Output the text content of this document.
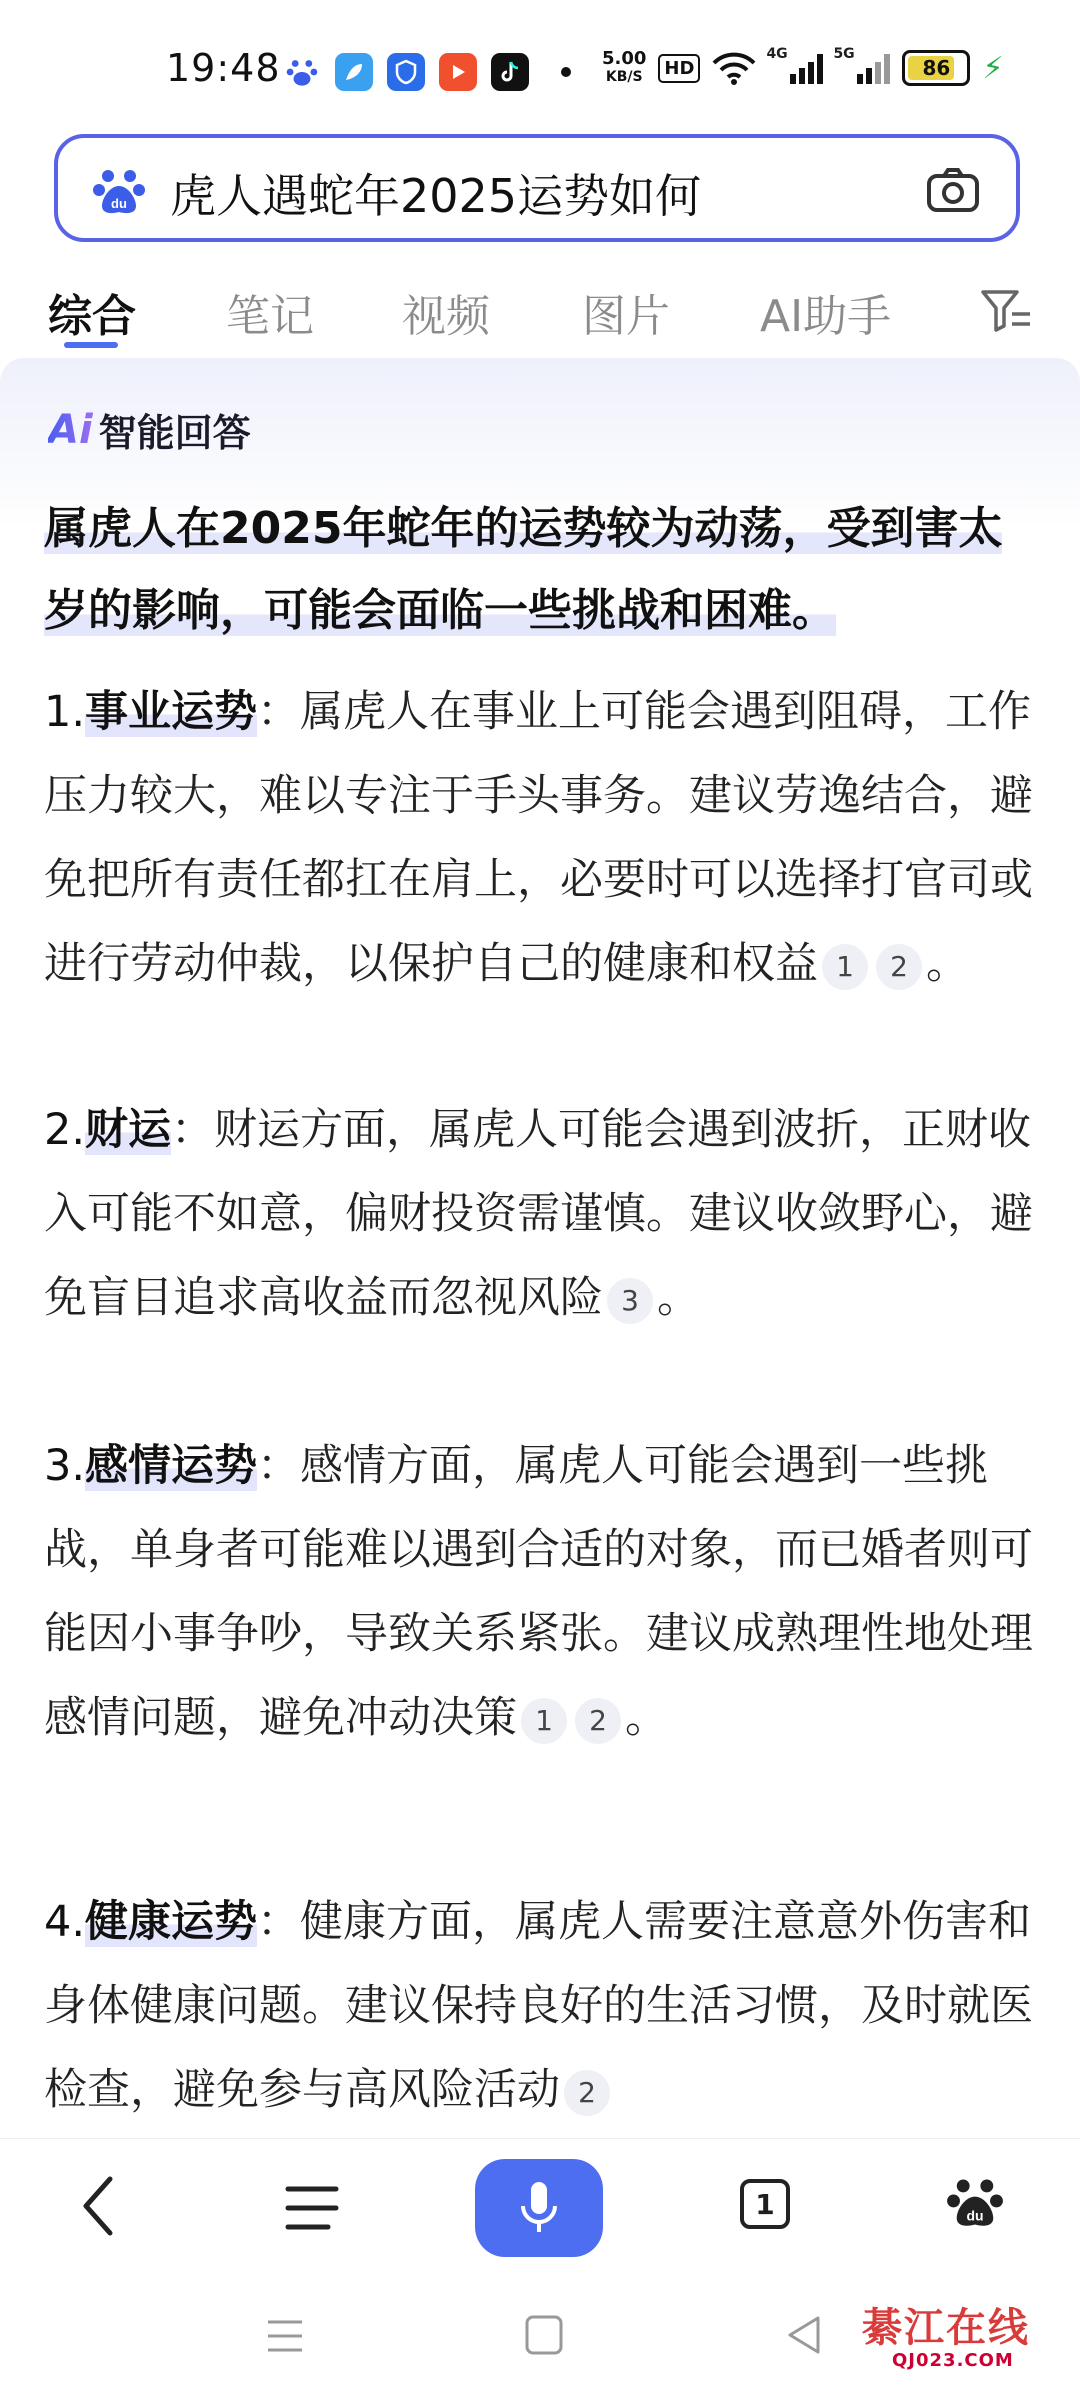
19:48	5.00
KB/S	HD
4G	5G
86 ⚡
du 虎人遇蛇年2025运势如何
综合 笔记 视频 图片 AI助手
Ai 智能回答
属虎人在2025年蛇年的运势较为动荡，受到害太岁的影响，可能会面临一些挑战和困难。
1.事业运势：属虎人在事业上可能会遇到阻碍，工作压力较大，难以专注于手头事务。建议劳逸结合，避免把所有责任都扛在肩上，必要时可以选择打官司或进行劳动仲裁，以保护自己的健康和权益 1 2 。
2.财运：财运方面，属虎人可能会遇到波折，正财收入可能不如意，偏财投资需谨慎。建议收敛野心，避免盲目追求高收益而忽视风险 3 。
3.感情运势：感情方面，属虎人可能会遇到一些挑战，单身者可能难以遇到合适的对象，而已婚者则可能因小事争吵，导致关系紧张。建议成熟理性地处理感情问题，避免冲动决策 1 2 。
4.健康运势：健康方面，属虎人需要注意意外伤害和身体健康问题。建议保持良好的生活习惯，及时就医检查，避免参与高风险活动 2
1	du
綦江在线
QJ023.COM
